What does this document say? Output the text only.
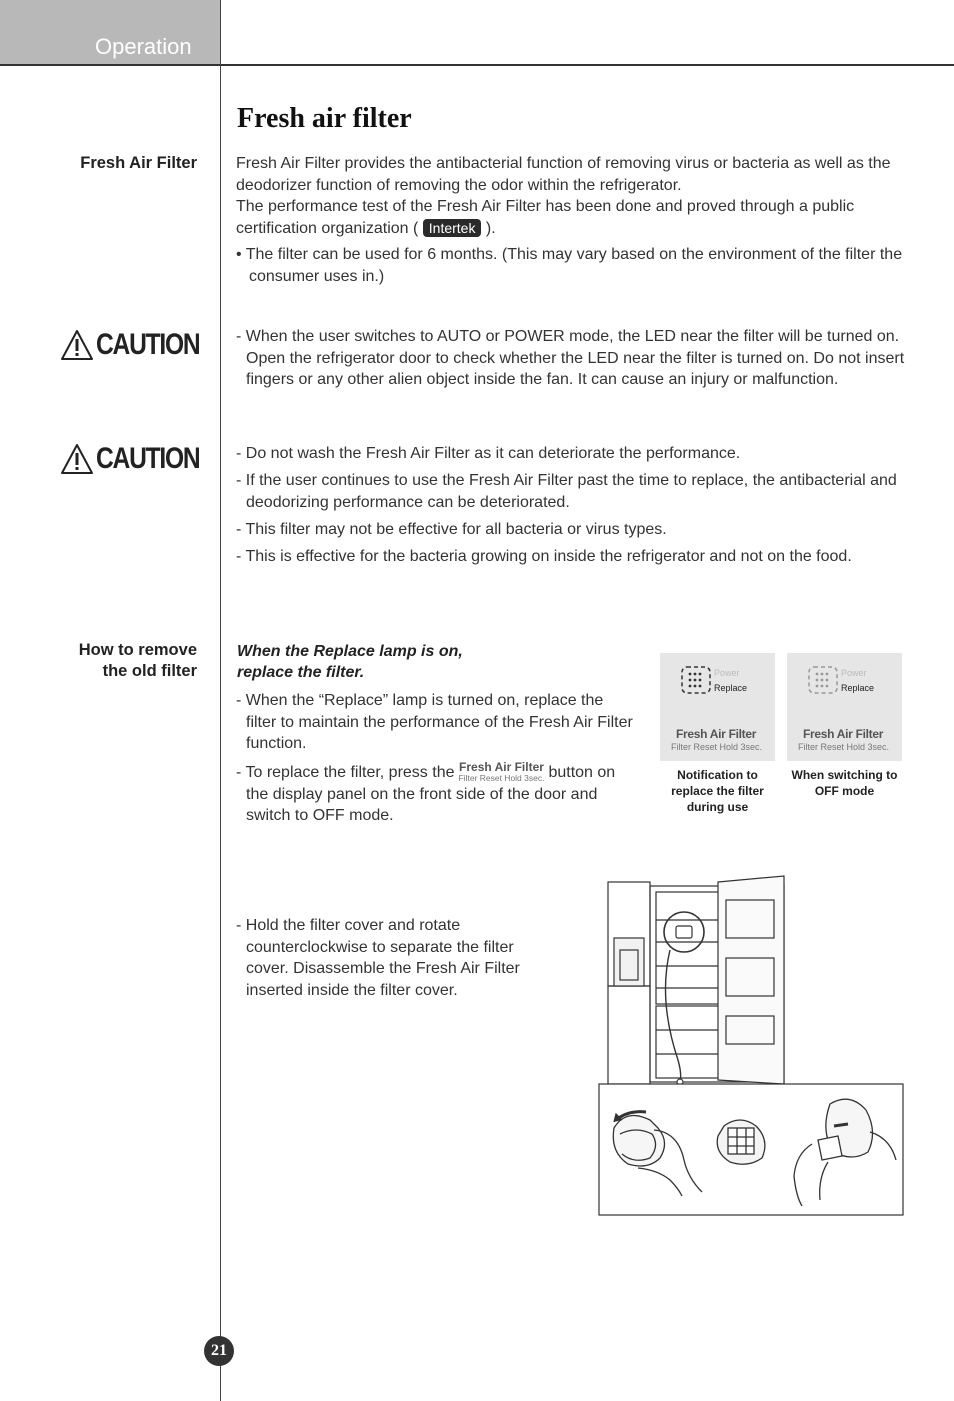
Operation
Fresh air filter
Fresh Air Filter Fresh Air Filter provides the antibacterial function of removing virus or bacteria as well as the deodorizer function of removing the odor within the refrigerator.

The performance test of the Fresh Air Filter has been done and proved through a public certification organization ( Intertek ).

• The filter can be used for 6 months. (This may vary based on the environment of the filter the consumer uses in.)

CAUTION - When the user switches to AUTO or POWER mode, the LED near the filter will be turned on. Open the refrigerator door to check whether the LED near the filter is turned on. Do not insert fingers or any other alien object inside the fan. It can cause an injury or malfunction.

CAUTION - Do not wash the Fresh Air Filter as it can deteriorate the performance.

- If the user continues to use the Fresh Air Filter past the time to replace, the antibacterial and deodorizing performance can be deteriorated.

- This filter may not be effective for all bacteria or virus types.

- This is effective for the bacteria growing on inside the refrigerator and not on the food.

How to remove
the old filter
When the Replace lamp is on,
replace the filter.

- When the “Replace” lamp is turned on, replace the filter to maintain the performance of the Fresh Air Filter function.

- To replace the filter, press the Fresh Air Filter
Filter Reset Hold 3sec. button on the display panel on the front side of the door and switch to OFF mode.

Power
Replace
Fresh Air Filter
Filter Reset Hold 3sec.
Power
Replace
Fresh Air Filter
Filter Reset Hold 3sec.
Notification to
replace the filter
during use
When switching to
OFF mode

- Hold the filter cover and rotate counterclockwise to separate the filter cover. Disassemble the Fresh Air Filter inserted inside the filter cover.

21
